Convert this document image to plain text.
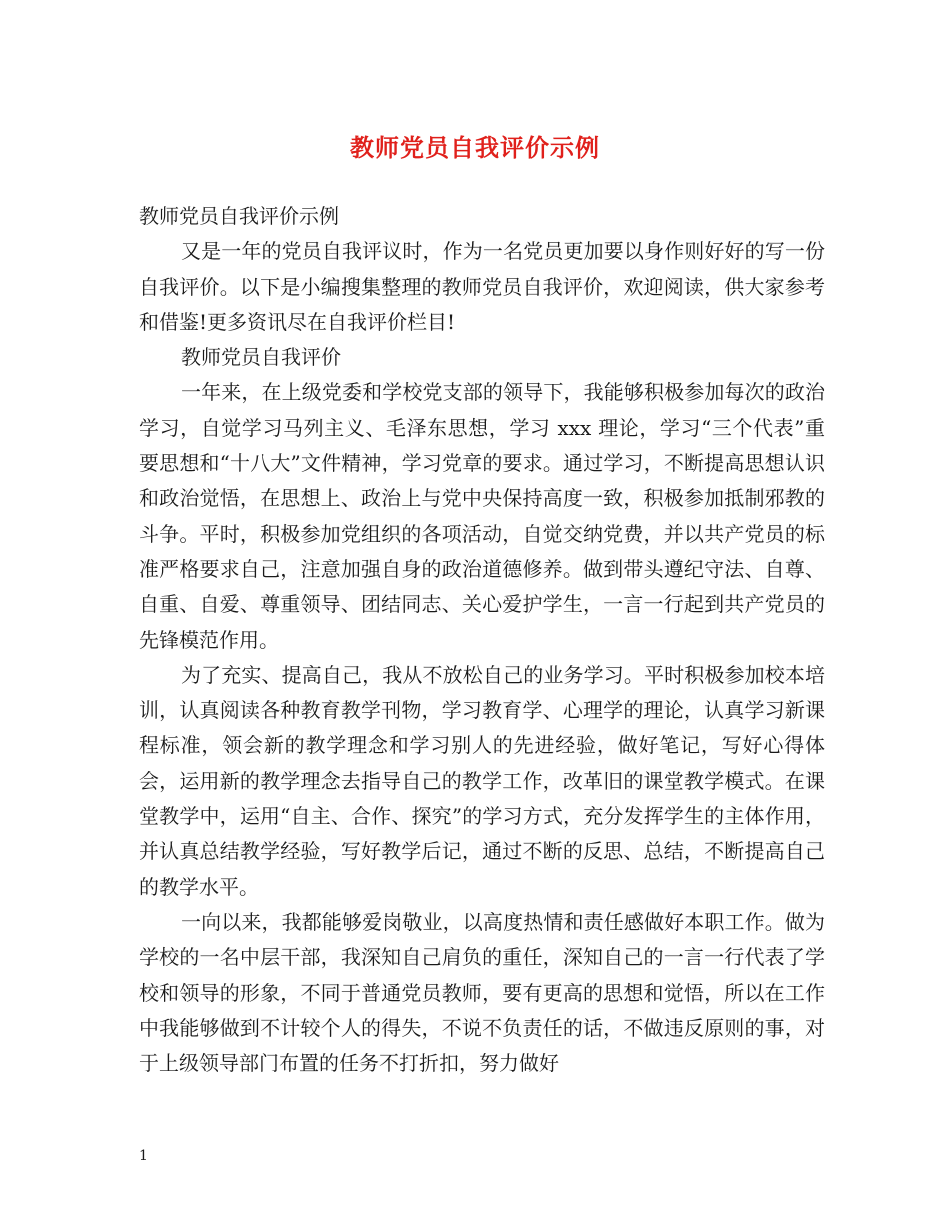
教师党员自我评价示例

教师党员自我评价示例

又是一年的党员自我评议时，作为一名党员更加要以身作则好好的写一份自我评价。以下是小编搜集整理的教师党员自我评价，欢迎阅读，供大家参考和借鉴!更多资讯尽在自我评价栏目!

教师党员自我评价

一年来，在上级党委和学校党支部的领导下，我能够积极参加每次的政治学习，自觉学习马列主义、毛泽东思想，学习 xxx 理论，学习“三个代表”重要思想和“十八大”文件精神，学习党章的要求。通过学习，不断提高思想认识和政治觉悟，在思想上、政治上与党中央保持高度一致，积极参加抵制邪教的斗争。平时，积极参加党组织的各项活动，自觉交纳党费，并以共产党员的标准严格要求自己，注意加强自身的政治道德修养。做到带头遵纪守法、自尊、自重、自爱、尊重领导、团结同志、关心爱护学生，一言一行起到共产党员的先锋模范作用。

为了充实、提高自己，我从不放松自己的业务学习。平时积极参加校本培训，认真阅读各种教育教学刊物，学习教育学、心理学的理论，认真学习新课程标准，领会新的教学理念和学习别人的先进经验，做好笔记，写好心得体会，运用新的教学理念去指导自己的教学工作，改革旧的课堂教学模式。在课堂教学中，运用“自主、合作、探究”的学习方式，充分发挥学生的主体作用，并认真总结教学经验，写好教学后记，通过不断的反思、总结，不断提高自己的教学水平。

一向以来，我都能够爱岗敬业，以高度热情和责任感做好本职工作。做为学校的一名中层干部，我深知自己肩负的重任，深知自己的一言一行代表了学校和领导的形象，不同于普通党员教师，要有更高的思想和觉悟，所以在工作中我能够做到不计较个人的得失，不说不负责任的话，不做违反原则的事，对于上级领导部门布置的任务不打折扣，努力做好

1
